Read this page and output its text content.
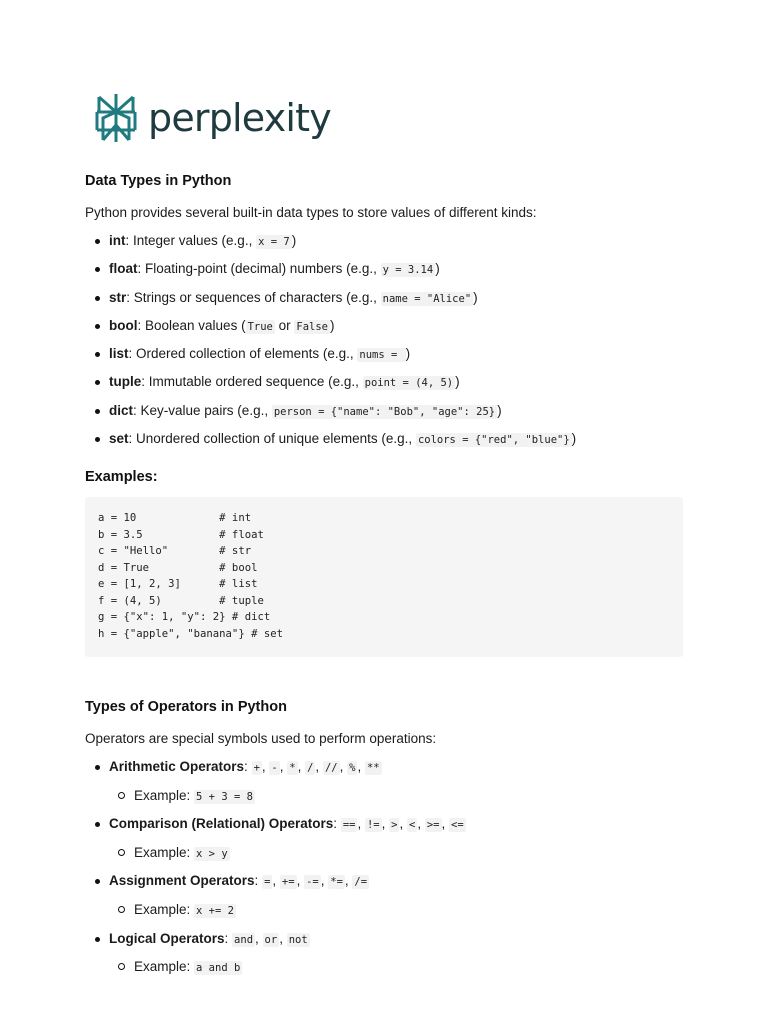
perplexity
Data Types in Python

Python provides several built-in data types to store values of different kinds:

int: Integer values (e.g., x = 7 )
float: Floating-point (decimal) numbers (e.g., y = 3.14 )
str: Strings or sequences of characters (e.g., name = "Alice" )
bool: Boolean values ( True or False )
list: Ordered collection of elements (e.g., nums = )
tuple: Immutable ordered sequence (e.g., point = (4, 5) )
dict: Key-value pairs (e.g., person = {"name": "Bob", "age": 25} )
set: Unordered collection of unique elements (e.g., colors = {"red", "blue"} )
Examples:
a = 10             # int
b = 3.5            # float
c = "Hello"        # str
d = True           # bool
e = [1, 2, 3]      # list
f = (4, 5)         # tuple
g = {"x": 1, "y": 2} # dict
h = {"apple", "banana"} # set
Types of Operators in Python

Operators are special symbols used to perform operations:

Arithmetic Operators: + , - , * , / , // , % , **
Example: 5 + 3 = 8
Comparison (Relational) Operators: == , != , > , < , >= , <=
Example: x > y
Assignment Operators: = , += , -= , *= , /=
Example: x += 2
Logical Operators: and , or , not
Example: a and b
